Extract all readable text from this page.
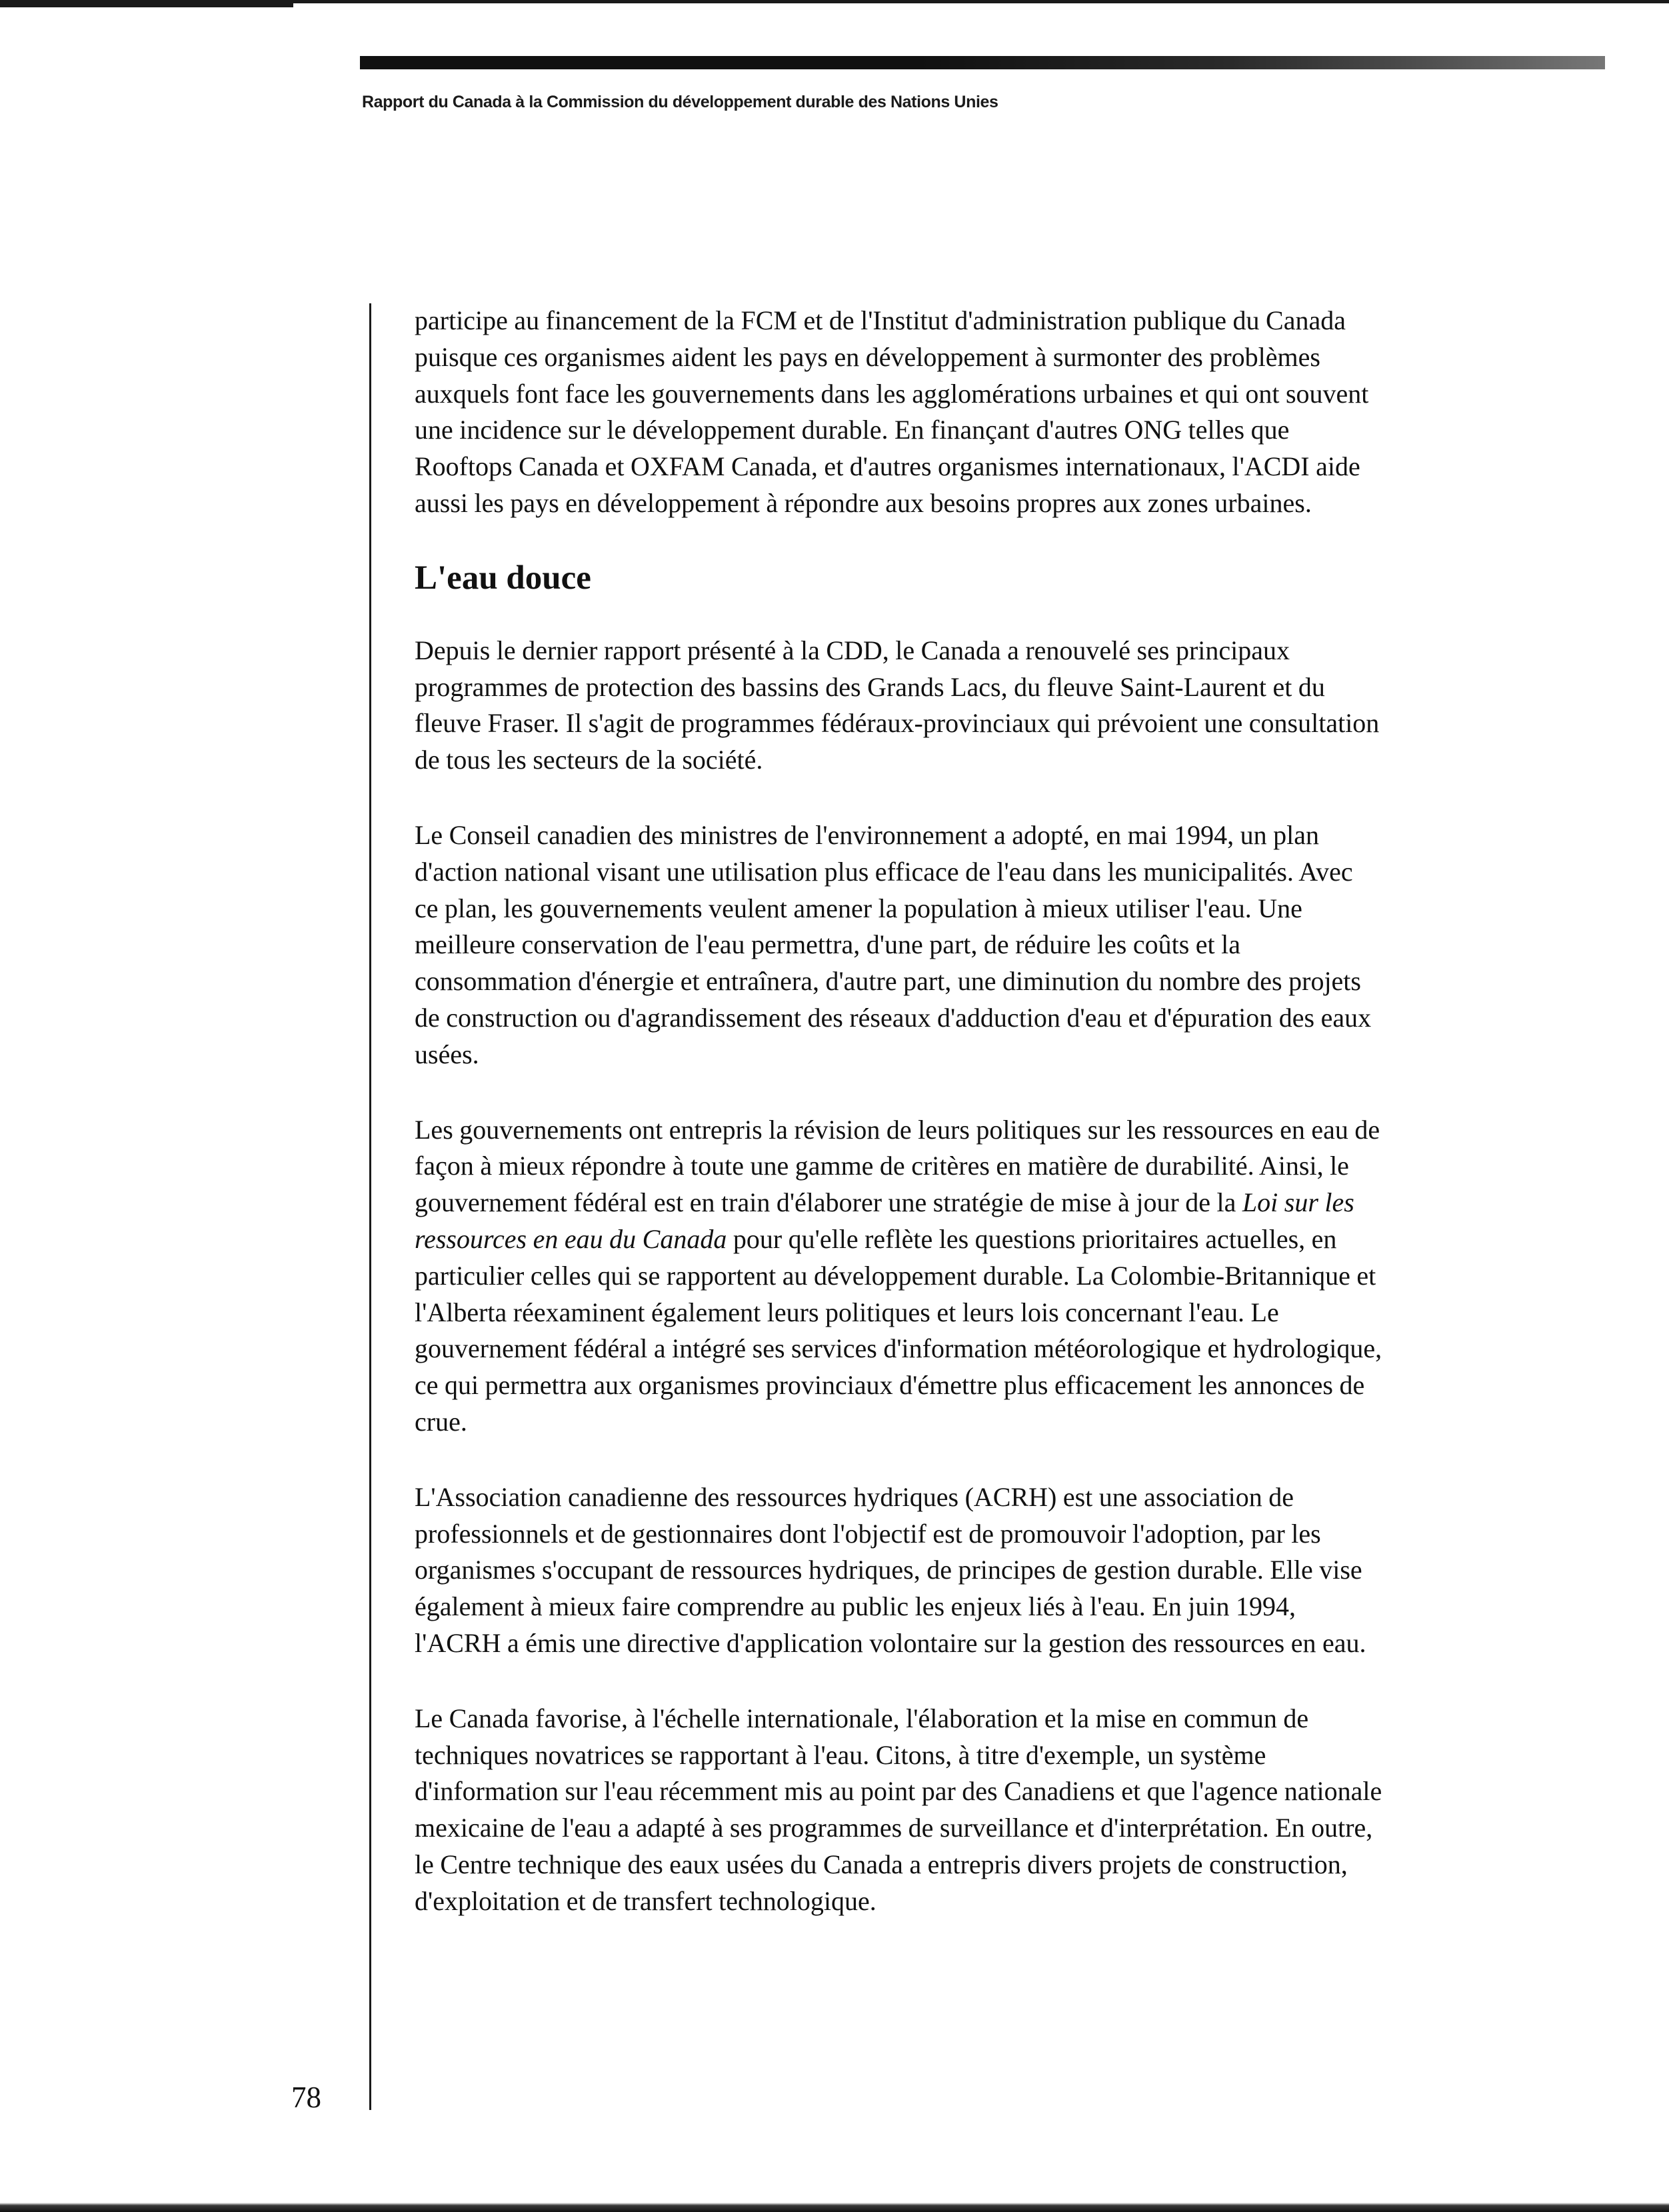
Rapport du Canada à la Commission du développement durable des Nations Unies

participe au financement de la FCM et de l'Institut d'administration publique du Canada
puisque ces organismes aident les pays en développement à surmonter des problèmes
auxquels font face les gouvernements dans les agglomérations urbaines et qui ont souvent
une incidence sur le développement durable. En finançant d'autres ONG telles que
Rooftops Canada et OXFAM Canada, et d'autres organismes internationaux, l'ACDI aide
aussi les pays en développement à répondre aux besoins propres aux zones urbaines.

L'eau douce

Depuis le dernier rapport présenté à la CDD, le Canada a renouvelé ses principaux
programmes de protection des bassins des Grands Lacs, du fleuve Saint-Laurent et du
fleuve Fraser. Il s'agit de programmes fédéraux-provinciaux qui prévoient une consultation
de tous les secteurs de la société.

Le Conseil canadien des ministres de l'environnement a adopté, en mai 1994, un plan
d'action national visant une utilisation plus efficace de l'eau dans les municipalités. Avec
ce plan, les gouvernements veulent amener la population à mieux utiliser l'eau. Une
meilleure conservation de l'eau permettra, d'une part, de réduire les coûts et la
consommation d'énergie et entraînera, d'autre part, une diminution du nombre des projets
de construction ou d'agrandissement des réseaux d'adduction d'eau et d'épuration des eaux
usées.

Les gouvernements ont entrepris la révision de leurs politiques sur les ressources en eau de
façon à mieux répondre à toute une gamme de critères en matière de durabilité. Ainsi, le
gouvernement fédéral est en train d'élaborer une stratégie de mise à jour de la Loi sur les
ressources en eau du Canada pour qu'elle reflète les questions prioritaires actuelles, en
particulier celles qui se rapportent au développement durable. La Colombie-Britannique et
l'Alberta réexaminent également leurs politiques et leurs lois concernant l'eau. Le
gouvernement fédéral a intégré ses services d'information météorologique et hydrologique,
ce qui permettra aux organismes provinciaux d'émettre plus efficacement les annonces de
crue.

L'Association canadienne des ressources hydriques (ACRH) est une association de
professionnels et de gestionnaires dont l'objectif est de promouvoir l'adoption, par les
organismes s'occupant de ressources hydriques, de principes de gestion durable. Elle vise
également à mieux faire comprendre au public les enjeux liés à l'eau. En juin 1994,
l'ACRH a émis une directive d'application volontaire sur la gestion des ressources en eau.

Le Canada favorise, à l'échelle internationale, l'élaboration et la mise en commun de
techniques novatrices se rapportant à l'eau. Citons, à titre d'exemple, un système
d'information sur l'eau récemment mis au point par des Canadiens et que l'agence nationale
mexicaine de l'eau a adapté à ses programmes de surveillance et d'interprétation. En outre,
le Centre technique des eaux usées du Canada a entrepris divers projets de construction,
d'exploitation et de transfert technologique.

78
